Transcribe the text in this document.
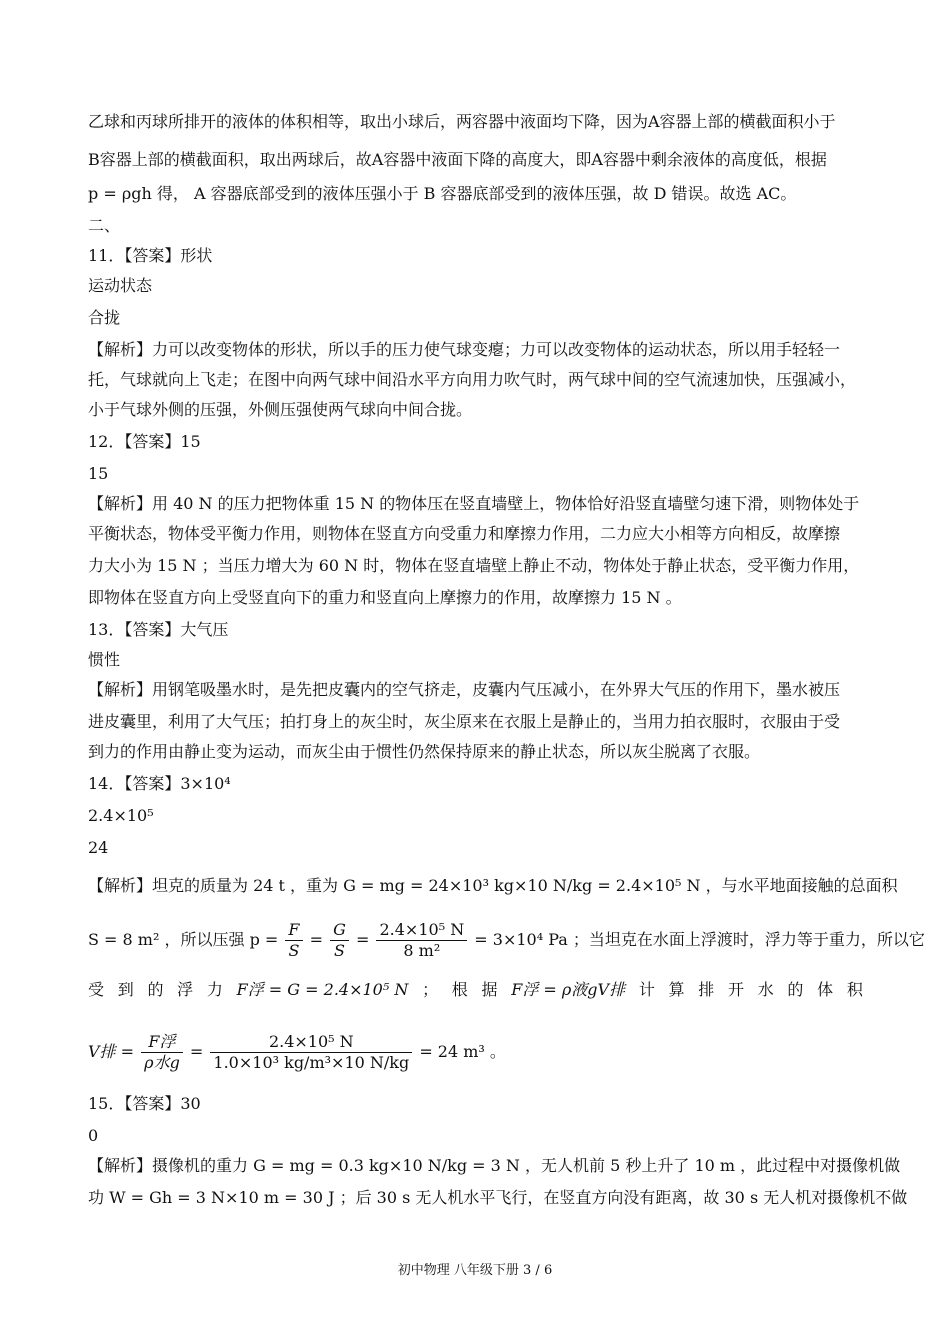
乙球和丙球所排开的液体的体积相等，取出小球后，两容器中液面均下降，因为A容器上部的横截面积小于
B容器上部的横截面积，取出两球后，故A容器中液面下降的高度大，即A容器中剩余液体的高度低，根据
p = ρgh 得， A 容器底部受到的液体压强小于 B 容器底部受到的液体压强，故 D 错误。故选 AC。
二、
11．【答案】形状
运动状态
合拢
【解析】力可以改变物体的形状，所以手的压力使气球变瘪；力可以改变物体的运动状态，所以用手轻轻一
托，气球就向上飞走；在图中向两气球中间沿水平方向用力吹气时，两气球中间的空气流速加快，压强减小，
小于气球外侧的压强，外侧压强使两气球向中间合拢。
12．【答案】15
15
【解析】用 40 N 的压力把物体重 15 N 的物体压在竖直墙壁上，物体恰好沿竖直墙壁匀速下滑，则物体处于
平衡状态，物体受平衡力作用，则物体在竖直方向受重力和摩擦力作用，二力应大小相等方向相反，故摩擦
力大小为 15 N ；当压力增大为 60 N 时，物体在竖直墙壁上静止不动，物体处于静止状态，受平衡力作用，
即物体在竖直方向上受竖直向下的重力和竖直向上摩擦力的作用，故摩擦力 15 N 。
13．【答案】大气压
惯性
【解析】用钢笔吸墨水时，是先把皮囊内的空气挤走，皮囊内气压减小，在外界大气压的作用下，墨水被压
进皮囊里，利用了大气压；拍打身上的灰尘时，灰尘原来在衣服上是静止的，当用力拍衣服时，衣服由于受
到力的作用由静止变为运动，而灰尘由于惯性仍然保持原来的静止状态，所以灰尘脱离了衣服。
14．【答案】3×10⁴
2.4×10⁵
24
【解析】坦克的质量为 24 t ，重为 G = mg = 24×10³ kg×10 N/kg = 2.4×10⁵ N ，与水平地面接触的总面积
S = 8 m² ，所以压强 $p = \frac{F}{S} = \frac{G}{S} = \frac{\text{2.4×10⁵ N}}{\text{8 m²}} = 3\times 10^4$ Pa ；当坦克在水面上浮渡时，浮力等于重力，所以它
受 到 的 浮 力 F浮 = G = 2.4×10⁵ N ； 根 据 F浮 = ρ液gV排 计 算 排 开 水 的 体 积
V排 = $\frac{\text{F浮}}{\text{ρ水g}} = \frac{\text{2.4×10⁵ N}}{\text{1.0×10³ kg/m³×10 N/kg}} = 24$ m³ 。
15．【答案】30
0
【解析】摄像机的重力 G = mg = 0.3 kg×10 N/kg = 3 N ，无人机前 5 秒上升了 10 m ，此过程中对摄像机做
功 W = Gh = 3 N×10 m = 30 J ；后 30 s 无人机水平飞行，在竖直方向没有距离，故 30 s 无人机对摄像机不做
初中物理 八年级下册 3 / 6
